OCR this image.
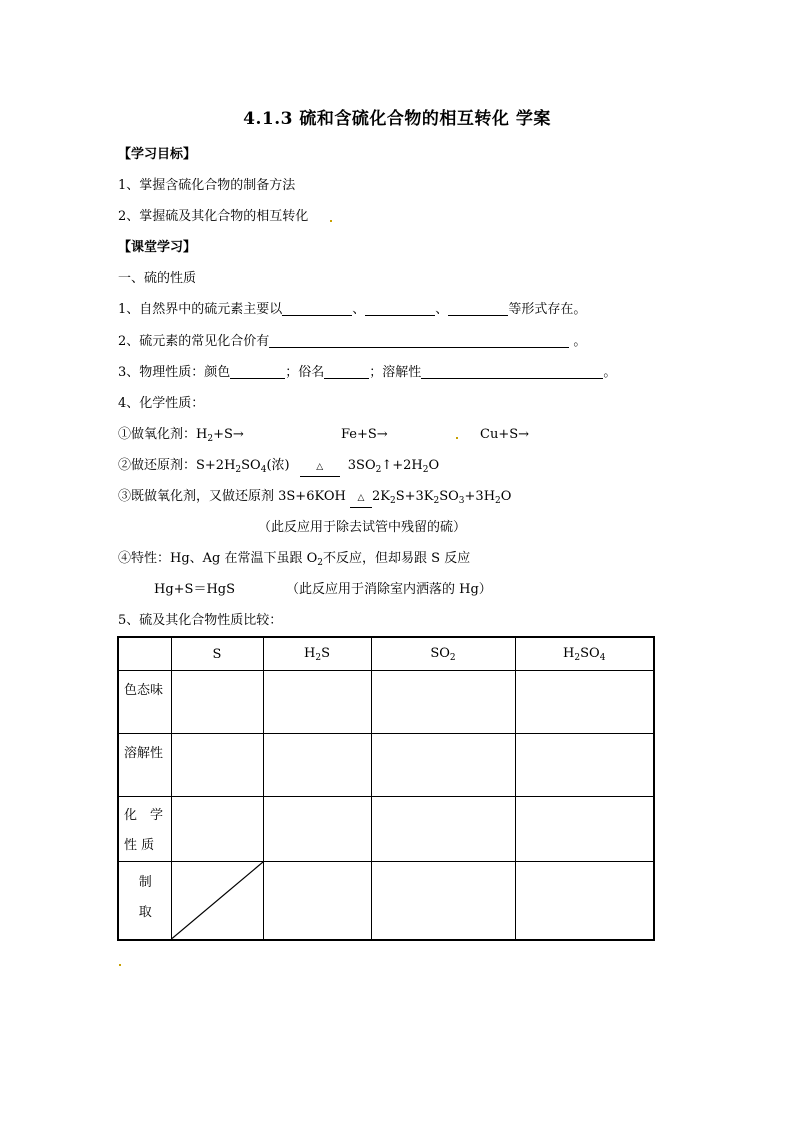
4.1.3 硫和含硫化合物的相互转化 学案
【学习目标】
1、掌握含硫化合物的制备方法
2、掌握硫及其化合物的相互转化
【课堂学习】
一、硫的性质
1、自然界中的硫元素主要以	、	、	等形式存在。
2、硫元素的常见化合价有	。
3、物理性质：颜色	；俗名	；溶解性	。
4、化学性质：
①做氧化剂：$H_2+S\to$	Fe+S→	Cu+S→
②做还原剂：$S+2H_2SO_4$(浓)	△ $3SO_2↑+2H_2O$
③既做氧化剂，又做还原剂 3S+6KOH △ $2K_2S+3K_2SO_3+3H_2O$
（此反应用于除去试管中残留的硫）
④特性：Hg、Ag 在常温下虽跟 $O_2$不反应，但却易跟 S 反应
Hg+S＝HgS	（此反应用于消除室内洒落的 Hg）
5、硫及其化合物性质比较：
	S	$H_2S$	$SO_2$	$H_2SO_4$
色态味				
溶解性				
化　学
性 质				
制
取	
